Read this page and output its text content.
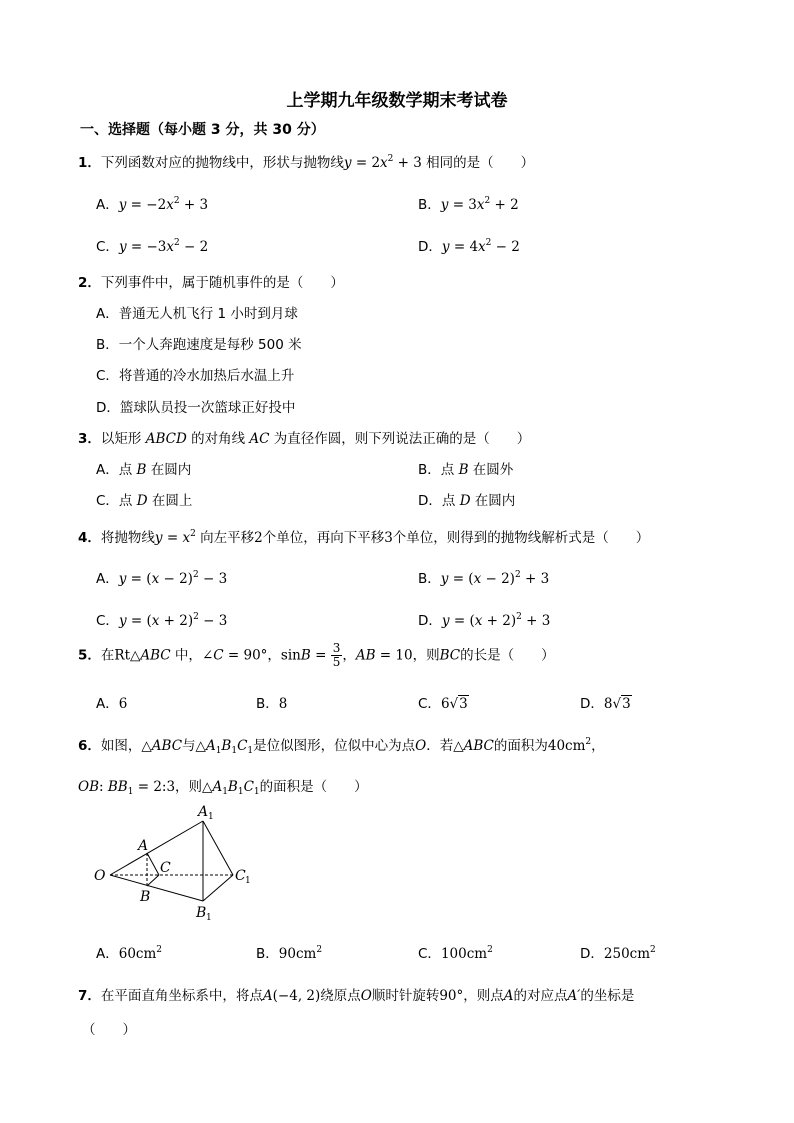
上学期九年级数学期末考试卷
一、选择题（每小题 3 分，共 30 分）
1．下列函数对应的抛物线中，形状与抛物线$y = 2x^2 + 3$ 相同的是（　　）
A．$y = -2x^2 + 3$	B．$y = 3x^2 + 2$
C．$y = -3x^2 - 2$	D．$y = 4x^2 - 2$
2．下列事件中，属于随机事件的是（　　）
A．普通无人机飞行 1 小时到月球
B．一个人奔跑速度是每秒 500 米
C．将普通的冷水加热后水温上升
D．篮球队员投一次篮球正好投中
3．以矩形 ABCD 的对角线 AC 为直径作圆，则下列说法正确的是（　　）
A．点 B 在圆内	B．点 B 在圆外
C．点 D 在圆上	D．点 D 在圆内
4．将抛物线$y = x^2$ 向左平移2个单位，再向下平移3个单位，则得到的抛物线解析式是（　　）
A．$y = (x - 2)^2 - 3$	B．$y = (x - 2)^2 + 3$
C．$y = (x + 2)^2 - 3$	D．$y = (x + 2)^2 + 3$
5．在Rt△ABC 中，∠C = 90°，$\sin B = \frac{3}{5}$ ，AB = 10，则BC的长是（　　）
A．6	B．8	C．6√3	D．8√3
6．如图，△ABC与$\triangle A_1B_1C_1$是位似图形，位似中心为点O．若△ABC的面积为$40cm^2$，
OB: $BB_1$ = 2:3，则$\triangle A_1B_1C_1$的面积是（　　）
O
A
C
B
A 1
C 1
B 1
A．$60cm^2$	B．$90cm^2$	C．$100cm^2$	D．$250cm^2$
7．在平面直角坐标系中，将点A(−4, 2)绕原点O顺时针旋转90°，则点A的对应点A′的坐标是
（　　）
